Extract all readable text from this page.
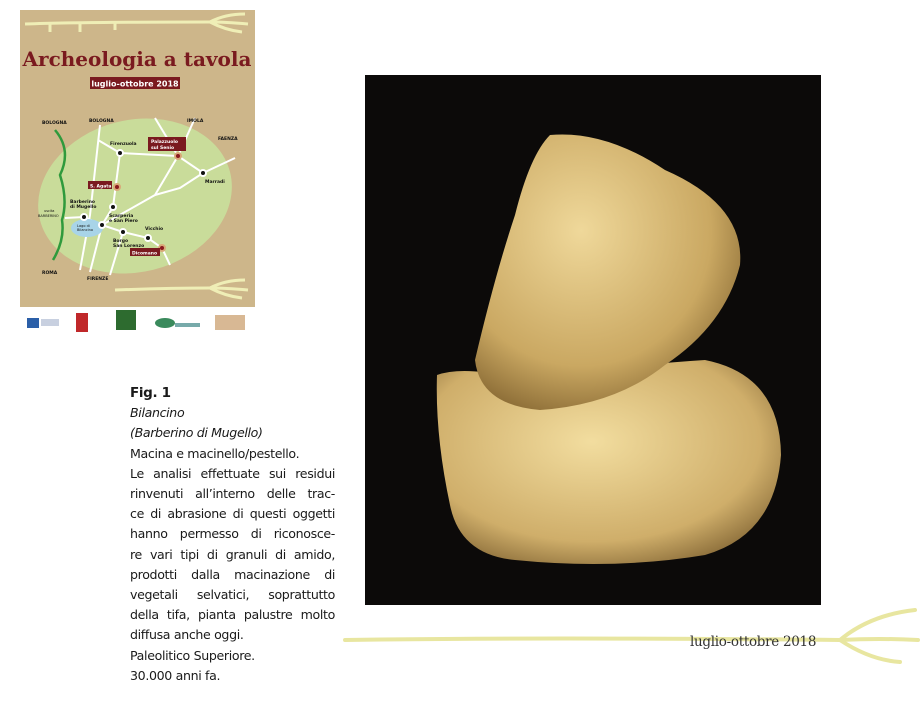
Archeologia a tavola
luglio-ottobre 2018
BOLOGNA	BOLOGNA	IMOLA
FAENZA
Firenzuola	Palazzuolo
sul Senio
Marradi
S. Agata
Barberino
di Mugello
Lago di
Bilancino
uscita
BARBERINO	Scarperia
e San Piero
Vicchio
Borgo
San Lorenzo
Dicomano
ROMA
FIRENZE
Fig. 1
Bilancino
(Barberino di Mugello)
Macina e macinello/pestello.
Le analisi effettuate sui residui
rinvenuti all’interno delle trac-
ce di abrasione di questi oggetti
hanno permesso di riconosce-
re vari tipi di granuli di amido,
prodotti dalla macinazione di
vegetali selvatici, soprattutto
della tifa, pianta palustre molto
diffusa anche oggi.
Paleolitico Superiore.
30.000 anni fa.
luglio-ottobre 2018
